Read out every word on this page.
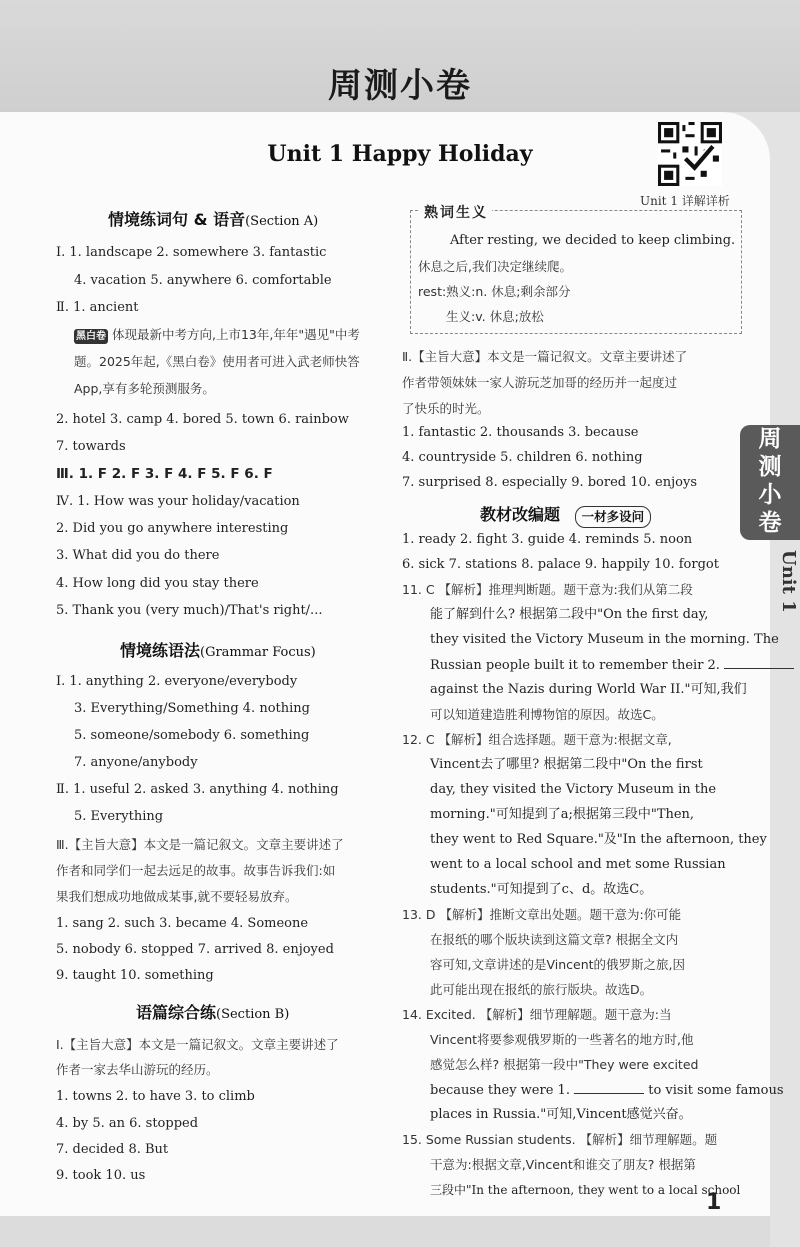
周测小卷
周
测
小
卷
Unit 1
Unit 1 Happy Holiday
Unit 1 详解详析
情境练词句 & 语音(Section A)
Ⅰ. 1. landscape 2. somewhere 3. fantastic
4. vacation 5. anywhere 6. comfortable
Ⅱ. 1. ancient
黑白卷 体现最新中考方向,上市13年,年年"遇见"中考
题。2025年起,《黑白卷》使用者可进入武老师快答
App,享有多轮预测服务。
2. hotel 3. camp 4. bored 5. town 6. rainbow
7. towards
Ⅲ. 1. F 2. F 3. F 4. F 5. F 6. F
Ⅳ. 1. How was your holiday/vacation
2. Did you go anywhere interesting
3. What did you do there
4. How long did you stay there
5. Thank you (very much)/That's right/...
情境练语法(Grammar Focus)
Ⅰ. 1. anything 2. everyone/everybody
3. Everything/Something 4. nothing
5. someone/somebody 6. something
7. anyone/anybody
Ⅱ. 1. useful 2. asked 3. anything 4. nothing
5. Everything
Ⅲ.【主旨大意】本文是一篇记叙文。文章主要讲述了
作者和同学们一起去远足的故事。故事告诉我们:如
果我们想成功地做成某事,就不要轻易放弃。
1. sang 2. such 3. became 4. Someone
5. nobody 6. stopped 7. arrived 8. enjoyed
9. taught 10. something
语篇综合练(Section B)
Ⅰ.【主旨大意】本文是一篇记叙文。文章主要讲述了
作者一家去华山游玩的经历。
1. towns 2. to have 3. to climb
4. by 5. an 6. stopped
7. decided 8. But
9. took 10. us
熟词生义
After resting, we decided to keep climbing.
休息之后,我们决定继续爬。
rest:熟义:n. 休息;剩余部分
生义:v. 休息;放松
Ⅱ.【主旨大意】本文是一篇记叙文。文章主要讲述了
作者带领妹妹一家人游玩芝加哥的经历并一起度过
了快乐的时光。
1. fantastic 2. thousands 3. because
4. countryside 5. children 6. nothing
7. surprised 8. especially 9. bored 10. enjoys
教材改编题	一材多设问
1. ready 2. fight 3. guide 4. reminds 5. noon
6. sick 7. stations 8. palace 9. happily 10. forgot
11. C 【解析】推理判断题。题干意为:我们从第二段
能了解到什么? 根据第二段中"On the first day,
they visited the Victory Museum in the morning. The
Russian people built it to remember their 2.
against the Nazis during World War II."可知,我们
可以知道建造胜利博物馆的原因。故选C。
12. C 【解析】组合选择题。题干意为:根据文章,
Vincent去了哪里? 根据第二段中"On the first
day, they visited the Victory Museum in the
morning."可知提到了a;根据第三段中"Then,
they went to Red Square."及"In the afternoon, they
went to a local school and met some Russian
students."可知提到了c、d。故选C。
13. D 【解析】推断文章出处题。题干意为:你可能
在报纸的哪个版块读到这篇文章? 根据全文内
容可知,文章讲述的是Vincent的俄罗斯之旅,因
此可能出现在报纸的旅行版块。故选D。
14. Excited. 【解析】细节理解题。题干意为:当
Vincent将要参观俄罗斯的一些著名的地方时,他
感觉怎么样? 根据第一段中"They were excited
because they were 1.	to visit some famous
places in Russia."可知,Vincent感觉兴奋。
15. Some Russian students. 【解析】细节理解题。题
干意为:根据文章,Vincent和谁交了朋友? 根据第
三段中"In the afternoon, they went to a local school
1
